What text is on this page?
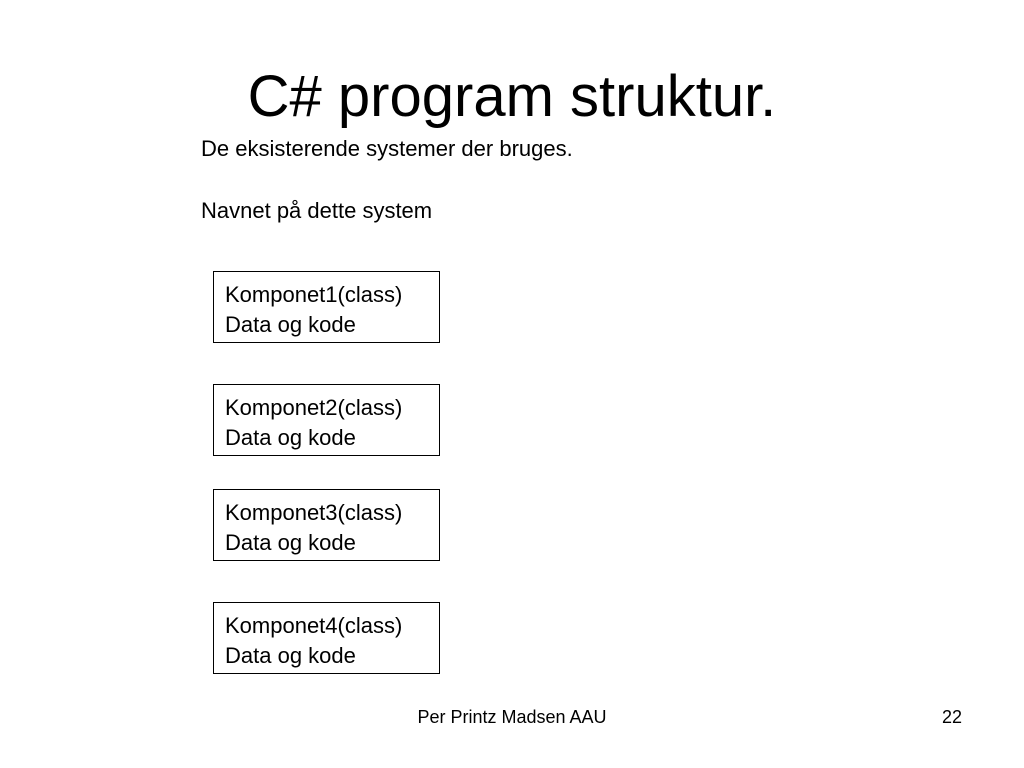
C# program struktur.

De eksisterende systemer der bruges.

Navnet på dette system

Komponet1(class)
Data og kode
Komponet2(class)
Data og kode
Komponet3(class)
Data og kode
Komponet4(class)
Data og kode
Per Printz Madsen AAU	22
